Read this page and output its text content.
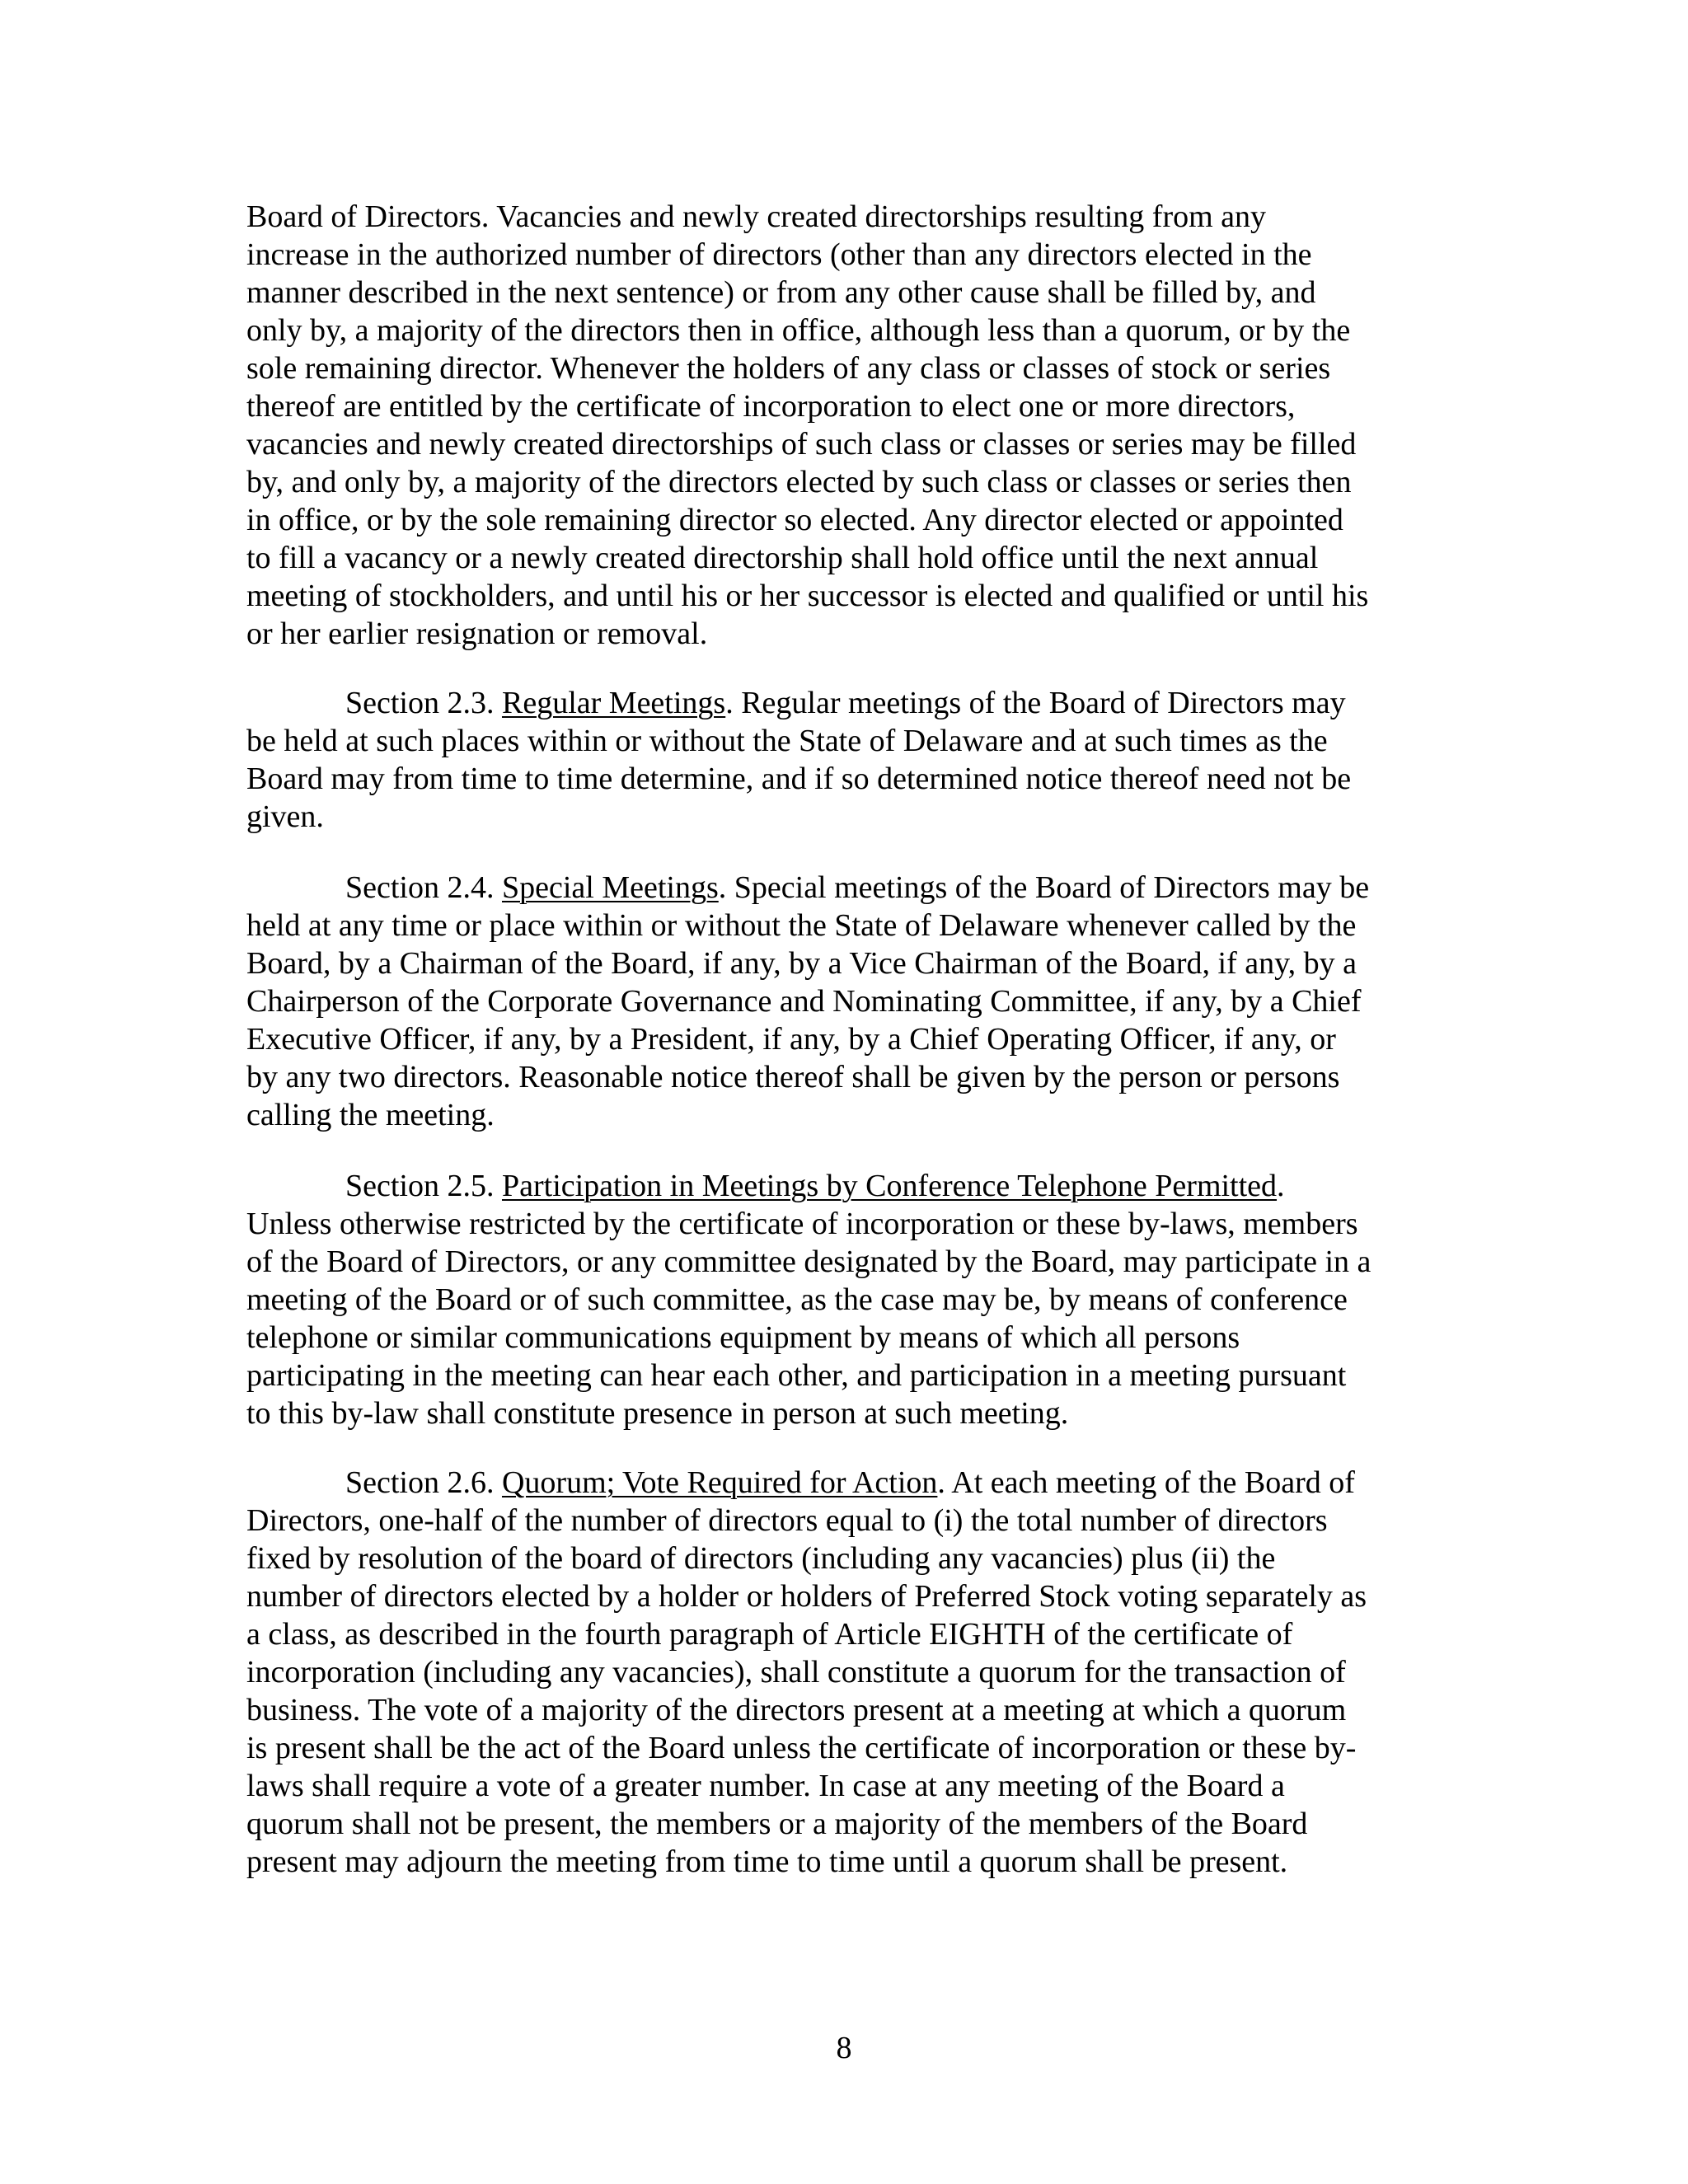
Board of Directors. Vacancies and newly created directorships resulting from any
increase in the authorized number of directors (other than any directors elected in the
manner described in the next sentence) or from any other cause shall be filled by, and
only by, a majority of the directors then in office, although less than a quorum, or by the
sole remaining director. Whenever the holders of any class or classes of stock or series
thereof are entitled by the certificate of incorporation to elect one or more directors,
vacancies and newly created directorships of such class or classes or series may be filled
by, and only by, a majority of the directors elected by such class or classes or series then
in office, or by the sole remaining director so elected. Any director elected or appointed
to fill a vacancy or a newly created directorship shall hold office until the next annual
meeting of stockholders, and until his or her successor is elected and qualified or until his
or her earlier resignation or removal.
Section 2.3. Regular Meetings. Regular meetings of the Board of Directors may
be held at such places within or without the State of Delaware and at such times as the
Board may from time to time determine, and if so determined notice thereof need not be
given.
Section 2.4. Special Meetings. Special meetings of the Board of Directors may be
held at any time or place within or without the State of Delaware whenever called by the
Board, by a Chairman of the Board, if any, by a Vice Chairman of the Board, if any, by a
Chairperson of the Corporate Governance and Nominating Committee, if any, by a Chief
Executive Officer, if any, by a President, if any, by a Chief Operating Officer, if any, or
by any two directors. Reasonable notice thereof shall be given by the person or persons
calling the meeting.
Section 2.5. Participation in Meetings by Conference Telephone Permitted.
Unless otherwise restricted by the certificate of incorporation or these by-laws, members
of the Board of Directors, or any committee designated by the Board, may participate in a
meeting of the Board or of such committee, as the case may be, by means of conference
telephone or similar communications equipment by means of which all persons
participating in the meeting can hear each other, and participation in a meeting pursuant
to this by-law shall constitute presence in person at such meeting.
Section 2.6. Quorum; Vote Required for Action. At each meeting of the Board of
Directors, one-half of the number of directors equal to (i) the total number of directors
fixed by resolution of the board of directors (including any vacancies) plus (ii) the
number of directors elected by a holder or holders of Preferred Stock voting separately as
a class, as described in the fourth paragraph of Article EIGHTH of the certificate of
incorporation (including any vacancies), shall constitute a quorum for the transaction of
business. The vote of a majority of the directors present at a meeting at which a quorum
is present shall be the act of the Board unless the certificate of incorporation or these by-
laws shall require a vote of a greater number. In case at any meeting of the Board a
quorum shall not be present, the members or a majority of the members of the Board
present may adjourn the meeting from time to time until a quorum shall be present.
8
